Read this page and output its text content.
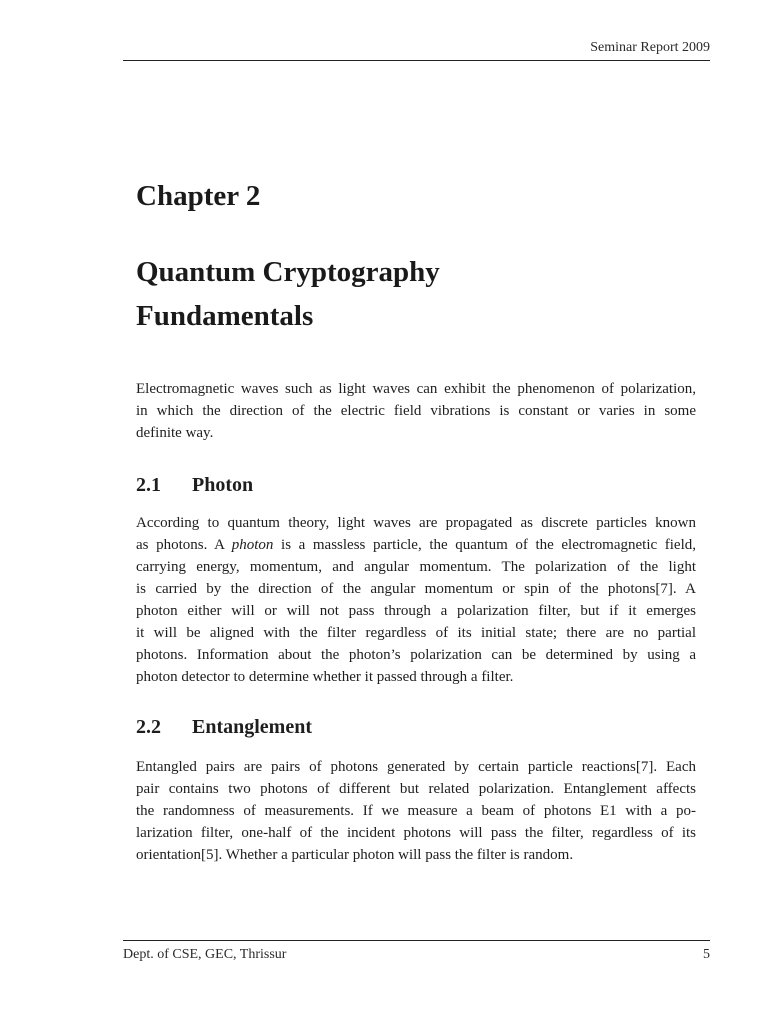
Seminar Report 2009
Chapter 2
Quantum Cryptography
Fundamentals

Electromagnetic waves such as light waves can exhibit the phenomenon of polarization,
in which the direction of the electric field vibrations is constant or varies in some
definite way.

2.1 Photon

According to quantum theory, light waves are propagated as discrete particles known
as photons. A photon is a massless particle, the quantum of the electromagnetic field,
carrying energy, momentum, and angular momentum. The polarization of the light
is carried by the direction of the angular momentum or spin of the photons[7]. A
photon either will or will not pass through a polarization filter, but if it emerges
it will be aligned with the filter regardless of its initial state; there are no partial
photons. Information about the photon’s polarization can be determined by using a
photon detector to determine whether it passed through a filter.

2.2 Entanglement

Entangled pairs are pairs of photons generated by certain particle reactions[7]. Each
pair contains two photons of different but related polarization. Entanglement affects
the randomness of measurements. If we measure a beam of photons E1 with a po-
larization filter, one-half of the incident photons will pass the filter, regardless of its
orientation[5]. Whether a particular photon will pass the filter is random.

Dept. of CSE, GEC, Thrissur	5
